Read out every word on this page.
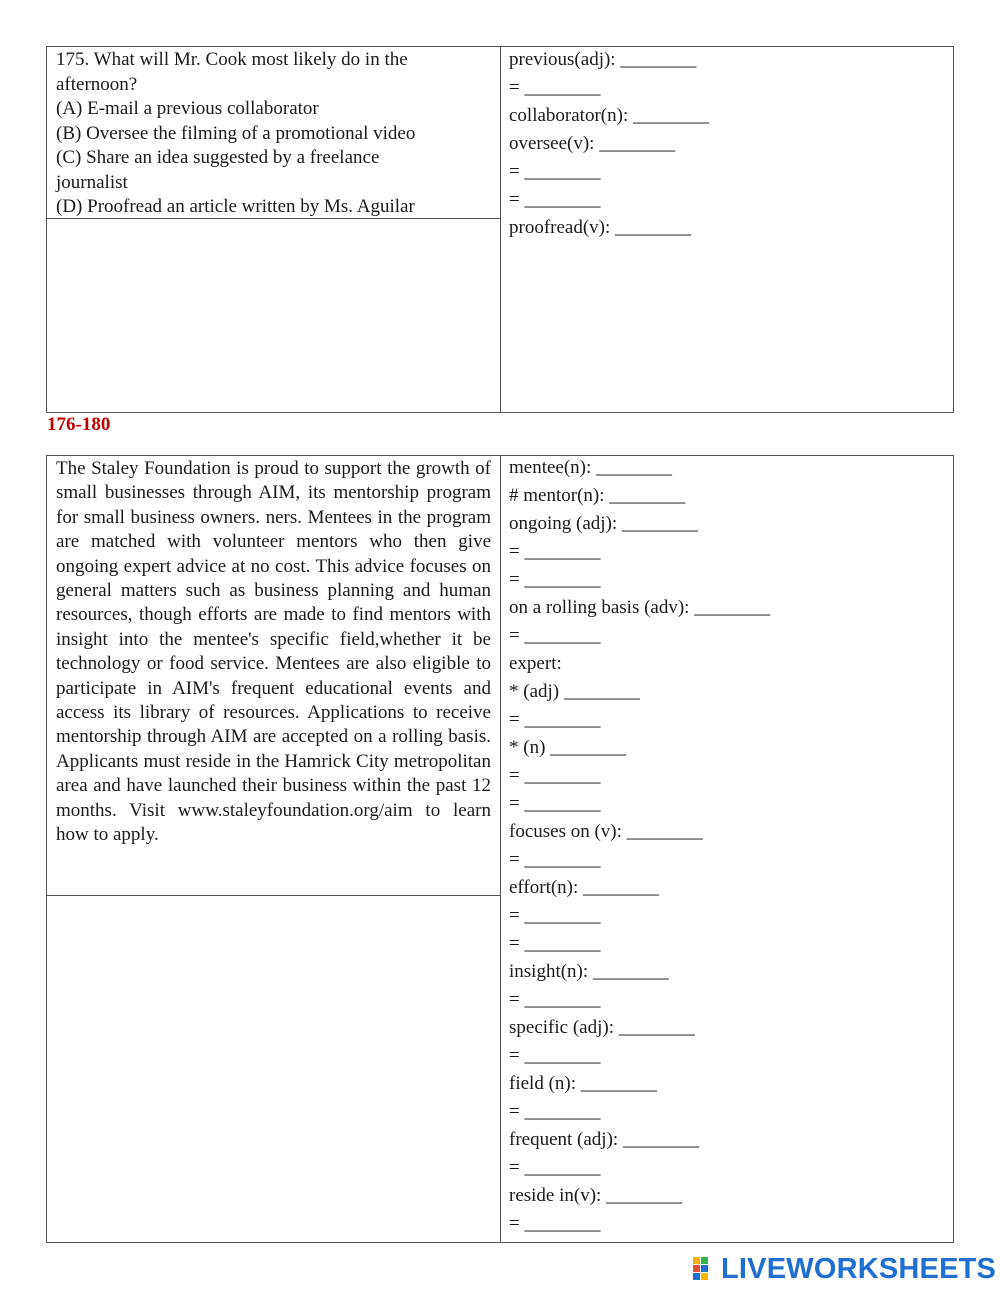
175. What will Mr. Cook most likely do in the
afternoon?
(A) E-mail a previous collaborator
(B) Oversee the filming of a promotional video
(C) Share an idea suggested by a freelance
journalist
(D) Proofread an article written by Ms. Aguilar
previous(adj): ________
= ________
collaborator(n): ________
oversee(v): ________
= ________
= ________
proofread(v): ________
176-180
The Staley Foundation is proud to support the growth of small businesses through AIM, its mentorship program for small business owners. ners. Mentees in the program are matched with volunteer mentors who then give ongoing expert advice at no cost. This advice focuses on general matters such as business planning and human resources, though efforts are made to find mentors with insight into the mentee's specific field,whether it be technology or food service. Mentees are also eligible to participate in AIM's frequent educational events and access its library of resources. Applications to receive mentorship through AIM are accepted on a rolling basis. Applicants must reside in the Hamrick City metropolitan area and have launched their business within the past 12 months. Visit www.staleyfoundation.org/aim to learn how to apply.
mentee(n): ________
# mentor(n): ________
ongoing (adj): ________
= ________
= ________
on a rolling basis (adv): ________
= ________
expert:
* (adj) ________
= ________
* (n) ________
= ________
= ________
focuses on (v): ________
= ________
effort(n): ________
= ________
= ________
insight(n): ________
= ________
specific (adj): ________
= ________
field (n): ________
= ________
frequent (adj): ________
= ________
reside in(v): ________
= ________
LIVEWORKSHEETS
